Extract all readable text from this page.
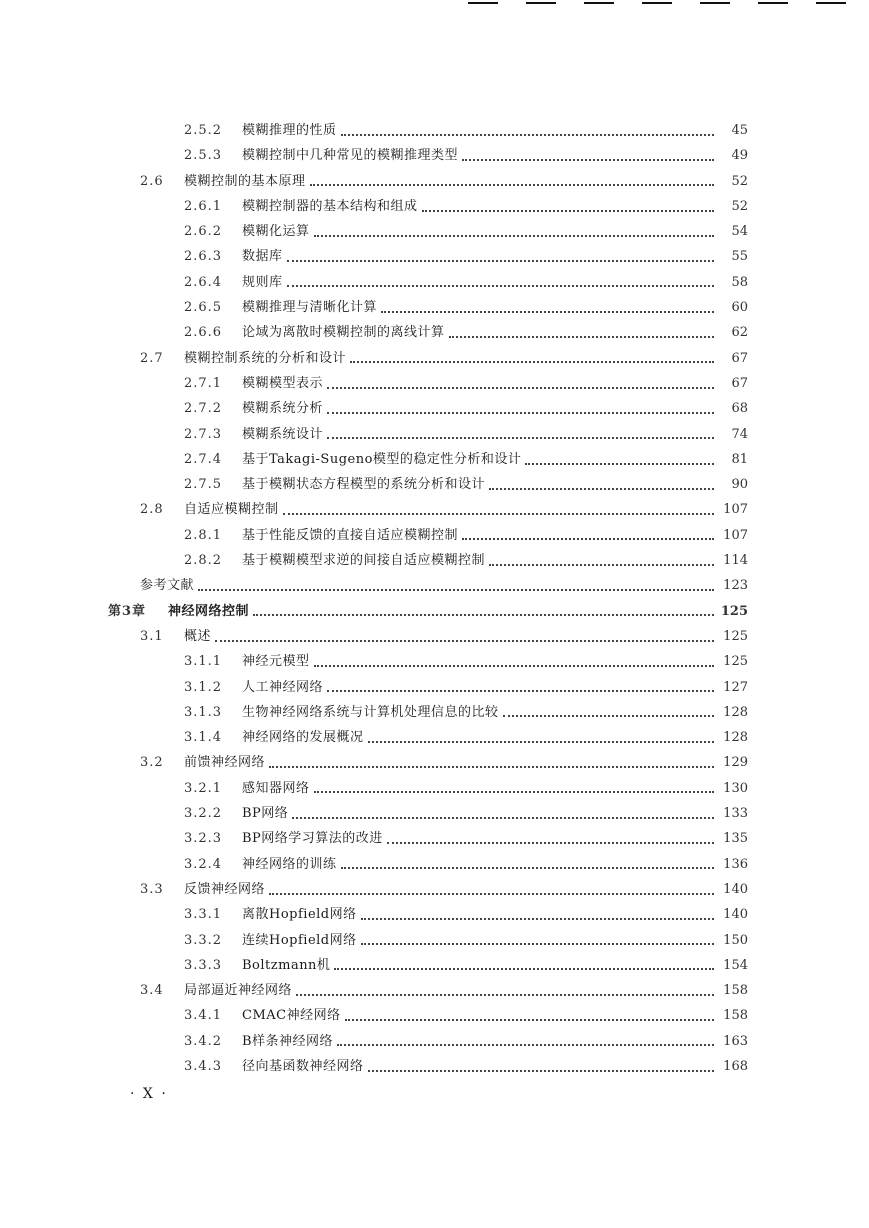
2.5.2	模糊推理的性质	45
2.5.3	模糊控制中几种常见的模糊推理类型	49
2.6	模糊控制的基本原理	52
2.6.1	模糊控制器的基本结构和组成	52
2.6.2	模糊化运算	54
2.6.3	数据库	55
2.6.4	规则库	58
2.6.5	模糊推理与清晰化计算	60
2.6.6	论域为离散时模糊控制的离线计算	62
2.7	模糊控制系统的分析和设计	67
2.7.1	模糊模型表示	67
2.7.2	模糊系统分析	68
2.7.3	模糊系统设计	74
2.7.4	基于Takagi-Sugeno模型的稳定性分析和设计	81
2.7.5	基于模糊状态方程模型的系统分析和设计	90
2.8	自适应模糊控制	107
2.8.1	基于性能反馈的直接自适应模糊控制	107
2.8.2	基于模糊模型求逆的间接自适应模糊控制	114
参考文献	123
第3章	神经网络控制	125
3.1	概述	125
3.1.1	神经元模型	125
3.1.2	人工神经网络	127
3.1.3	生物神经网络系统与计算机处理信息的比较	128
3.1.4	神经网络的发展概况	128
3.2	前馈神经网络	129
3.2.1	感知器网络	130
3.2.2	BP网络	133
3.2.3	BP网络学习算法的改进	135
3.2.4	神经网络的训练	136
3.3	反馈神经网络	140
3.3.1	离散Hopfield网络	140
3.3.2	连续Hopfield网络	150
3.3.3	Boltzmann机	154
3.4	局部逼近神经网络	158
3.4.1	CMAC神经网络	158
3.4.2	B样条神经网络	163
3.4.3	径向基函数神经网络	168
· X ·
